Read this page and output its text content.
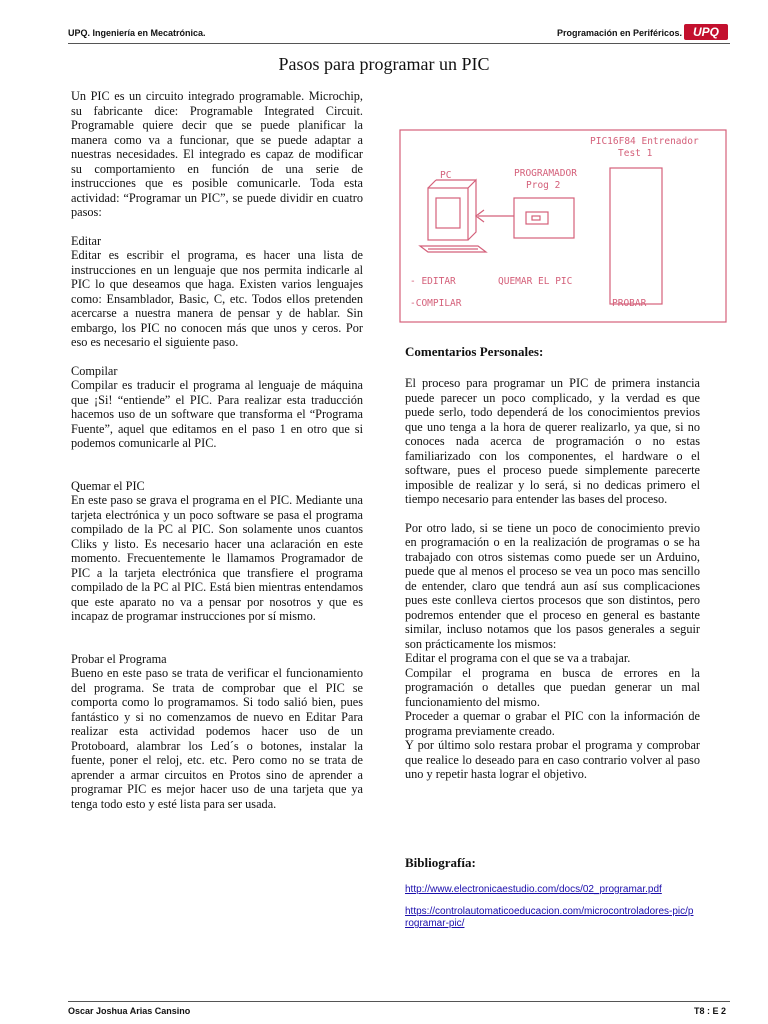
UPQ. Ingeniería en Mecatrónica.	Programación en Periféricos. UPQ
Pasos para programar un PIC

Un PIC es un circuito integrado programable. Microchip, su fabricante dice: Programable Integrated Circuit. Programable quiere decir que se puede planificar la manera como va a funcionar, que se puede adaptar a nuestras necesidades. El integrado es capaz de modificar su comportamiento en función de una serie de instrucciones que es posible comunicarle. Toda esta actividad: “Programar un PIC”, se puede dividir en cuatro pasos:

Editar

Editar es escribir el programa, es hacer una lista de instrucciones en un lenguaje que nos permita indicarle al PIC lo que deseamos que haga. Existen varios lenguajes como: Ensamblador, Basic, C, etc. Todos ellos pretenden acercarse a nuestra manera de pensar y de hablar. Sin embargo, los PIC no conocen más que unos y ceros. Por eso es necesario el siguiente paso.

Compilar

Compilar es traducir el programa al lenguaje de máquina que ¡Si! “entiende” el PIC. Para realizar esta traducción hacemos uso de un software que transforma el “Programa Fuente”, aquel que editamos en el paso 1 en otro que si podemos comunicarle al PIC.

Quemar el PIC

En este paso se grava el programa en el PIC. Mediante una tarjeta electrónica y un poco software se pasa el programa compilado de la PC al PIC. Son solamente unos cuantos Cliks y listo. Es necesario hacer una aclaración en este momento. Frecuentemente le llamamos Programador de PIC a la tarjeta electrónica que transfiere el programa compilado de la PC al PIC. Está bien mientras entendamos que este aparato no va a pensar por nosotros y que es incapaz de programar instrucciones por sí mismo.

Probar el Programa

Bueno en este paso se trata de verificar el funcionamiento del programa. Se trata de comprobar que el PIC se comporta como lo programamos. Si todo salió bien, pues fantástico y si no comenzamos de nuevo en Editar Para realizar esta actividad podemos hacer uso de un Protoboard, alambrar los Led´s o botones, instalar la fuente, poner el reloj, etc. etc. Pero como no se trata de aprender a armar circuitos en Protos sino de aprender a programar PIC es mejor hacer uso de una tarjeta que ya tenga todo esto y esté lista para ser usada.

PC	PROGRAMADOR
Prog 2
PIC16F84 Entrenador
Test 1
- EDITAR
-COMPILAR
QUEMAR EL PIC
PROBAR
Comentarios Personales:

El proceso para programar un PIC de primera instancia puede parecer un poco complicado, y la verdad es que puede serlo, todo dependerá de los conocimientos previos que uno tenga a la hora de querer realizarlo, ya que, si no conoces nada acerca de programación o no estas familiarizado con los componentes, el hardware o el software, pues el proceso puede simplemente parecerte imposible de realizar y lo será, si no dedicas primero el tiempo necesario para entender las bases del proceso.

Por otro lado, si se tiene un poco de conocimiento previo en programación o en la realización de programas o se ha trabajado con otros sistemas como puede ser un Arduino, puede que al menos el proceso se vea un poco mas sencillo de entender, claro que tendrá aun así sus complicaciones pues este conlleva ciertos procesos que son distintos, pero podremos entender que el proceso en general es bastante similar, incluso notamos que los pasos generales a seguir son prácticamente los mismos:

Editar el programa con el que se va a trabajar.

Compilar el programa en busca de errores en la programación o detalles que puedan generar un mal funcionamiento del mismo.

Proceder a quemar o grabar el PIC con la información de programa previamente creado.

Y por último solo restara probar el programa y comprobar que realice lo deseado para en caso contrario volver al paso uno y repetir hasta lograr el objetivo.

Bibliografía:
http://www.electronicaestudio.com/docs/02_programar.pdf
https://controlautomaticoeducacion.com/microcontroladores-pic/programar-pic/
Oscar Joshua Arias Cansino	T8 : E 2
